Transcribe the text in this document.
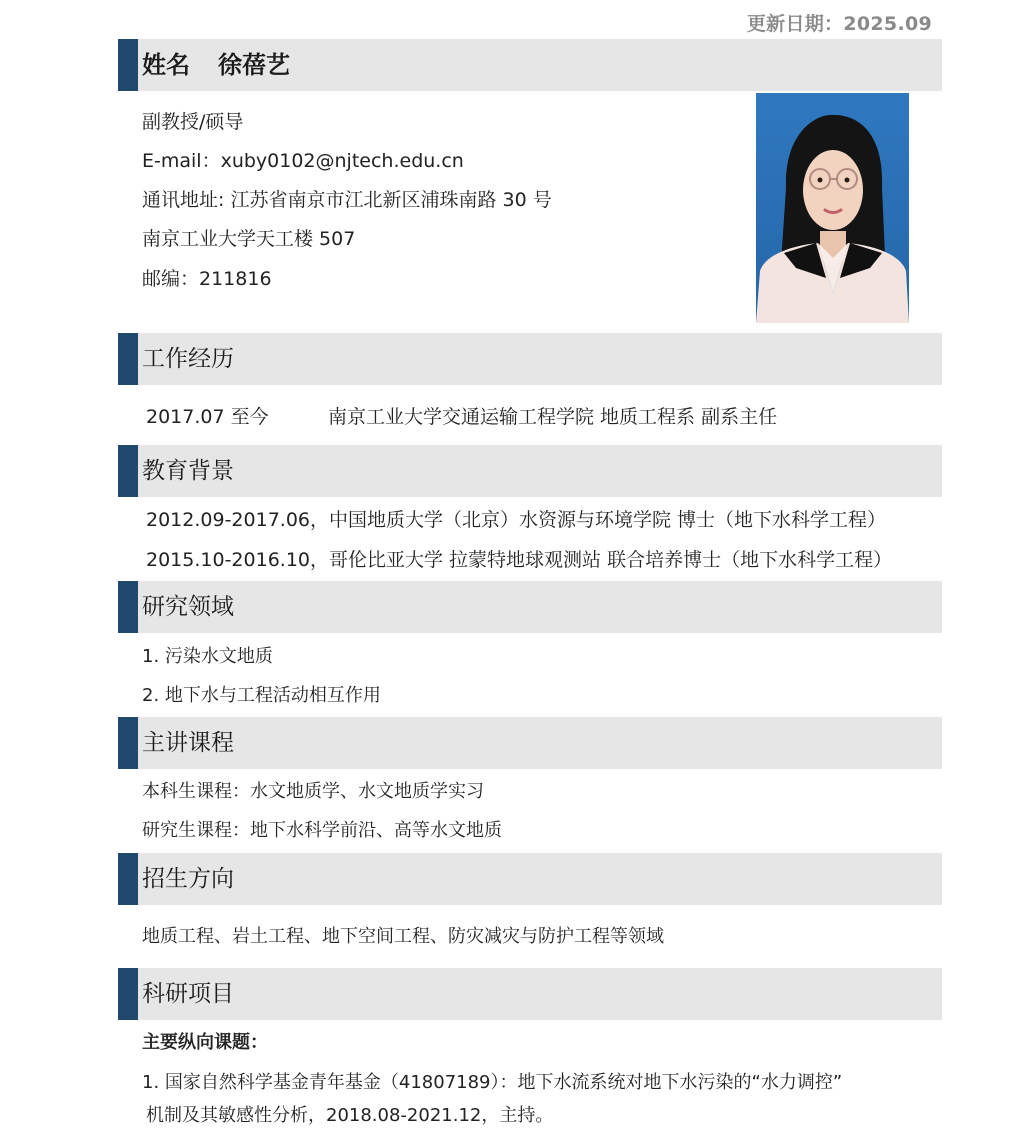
更新日期：2025.09
姓名 徐蓓艺
副教授/硕导
E-mail：xuby0102@njtech.edu.cn
通讯地址: 江苏省南京市江北新区浦珠南路 30 号
南京工业大学天工楼 507
邮编：211816
工作经历
2017.07 至今	南京工业大学交通运输工程学院 地质工程系 副系主任
教育背景
2012.09-2017.06，中国地质大学（北京）水资源与环境学院 博士（地下水科学工程）
2015.10-2016.10，哥伦比亚大学 拉蒙特地球观测站 联合培养博士（地下水科学工程）
研究领域
1. 污染水文地质
2. 地下水与工程活动相互作用
主讲课程
本科生课程：水文地质学、水文地质学实习
研究生课程：地下水科学前沿、高等水文地质
招生方向
地质工程、岩土工程、地下空间工程、防灾减灾与防护工程等领域
科研项目
主要纵向课题：
1. 国家自然科学基金青年基金（41807189）：地下水流系统对地下水污染的“水力调控”
机制及其敏感性分析，2018.08-2021.12，主持。
